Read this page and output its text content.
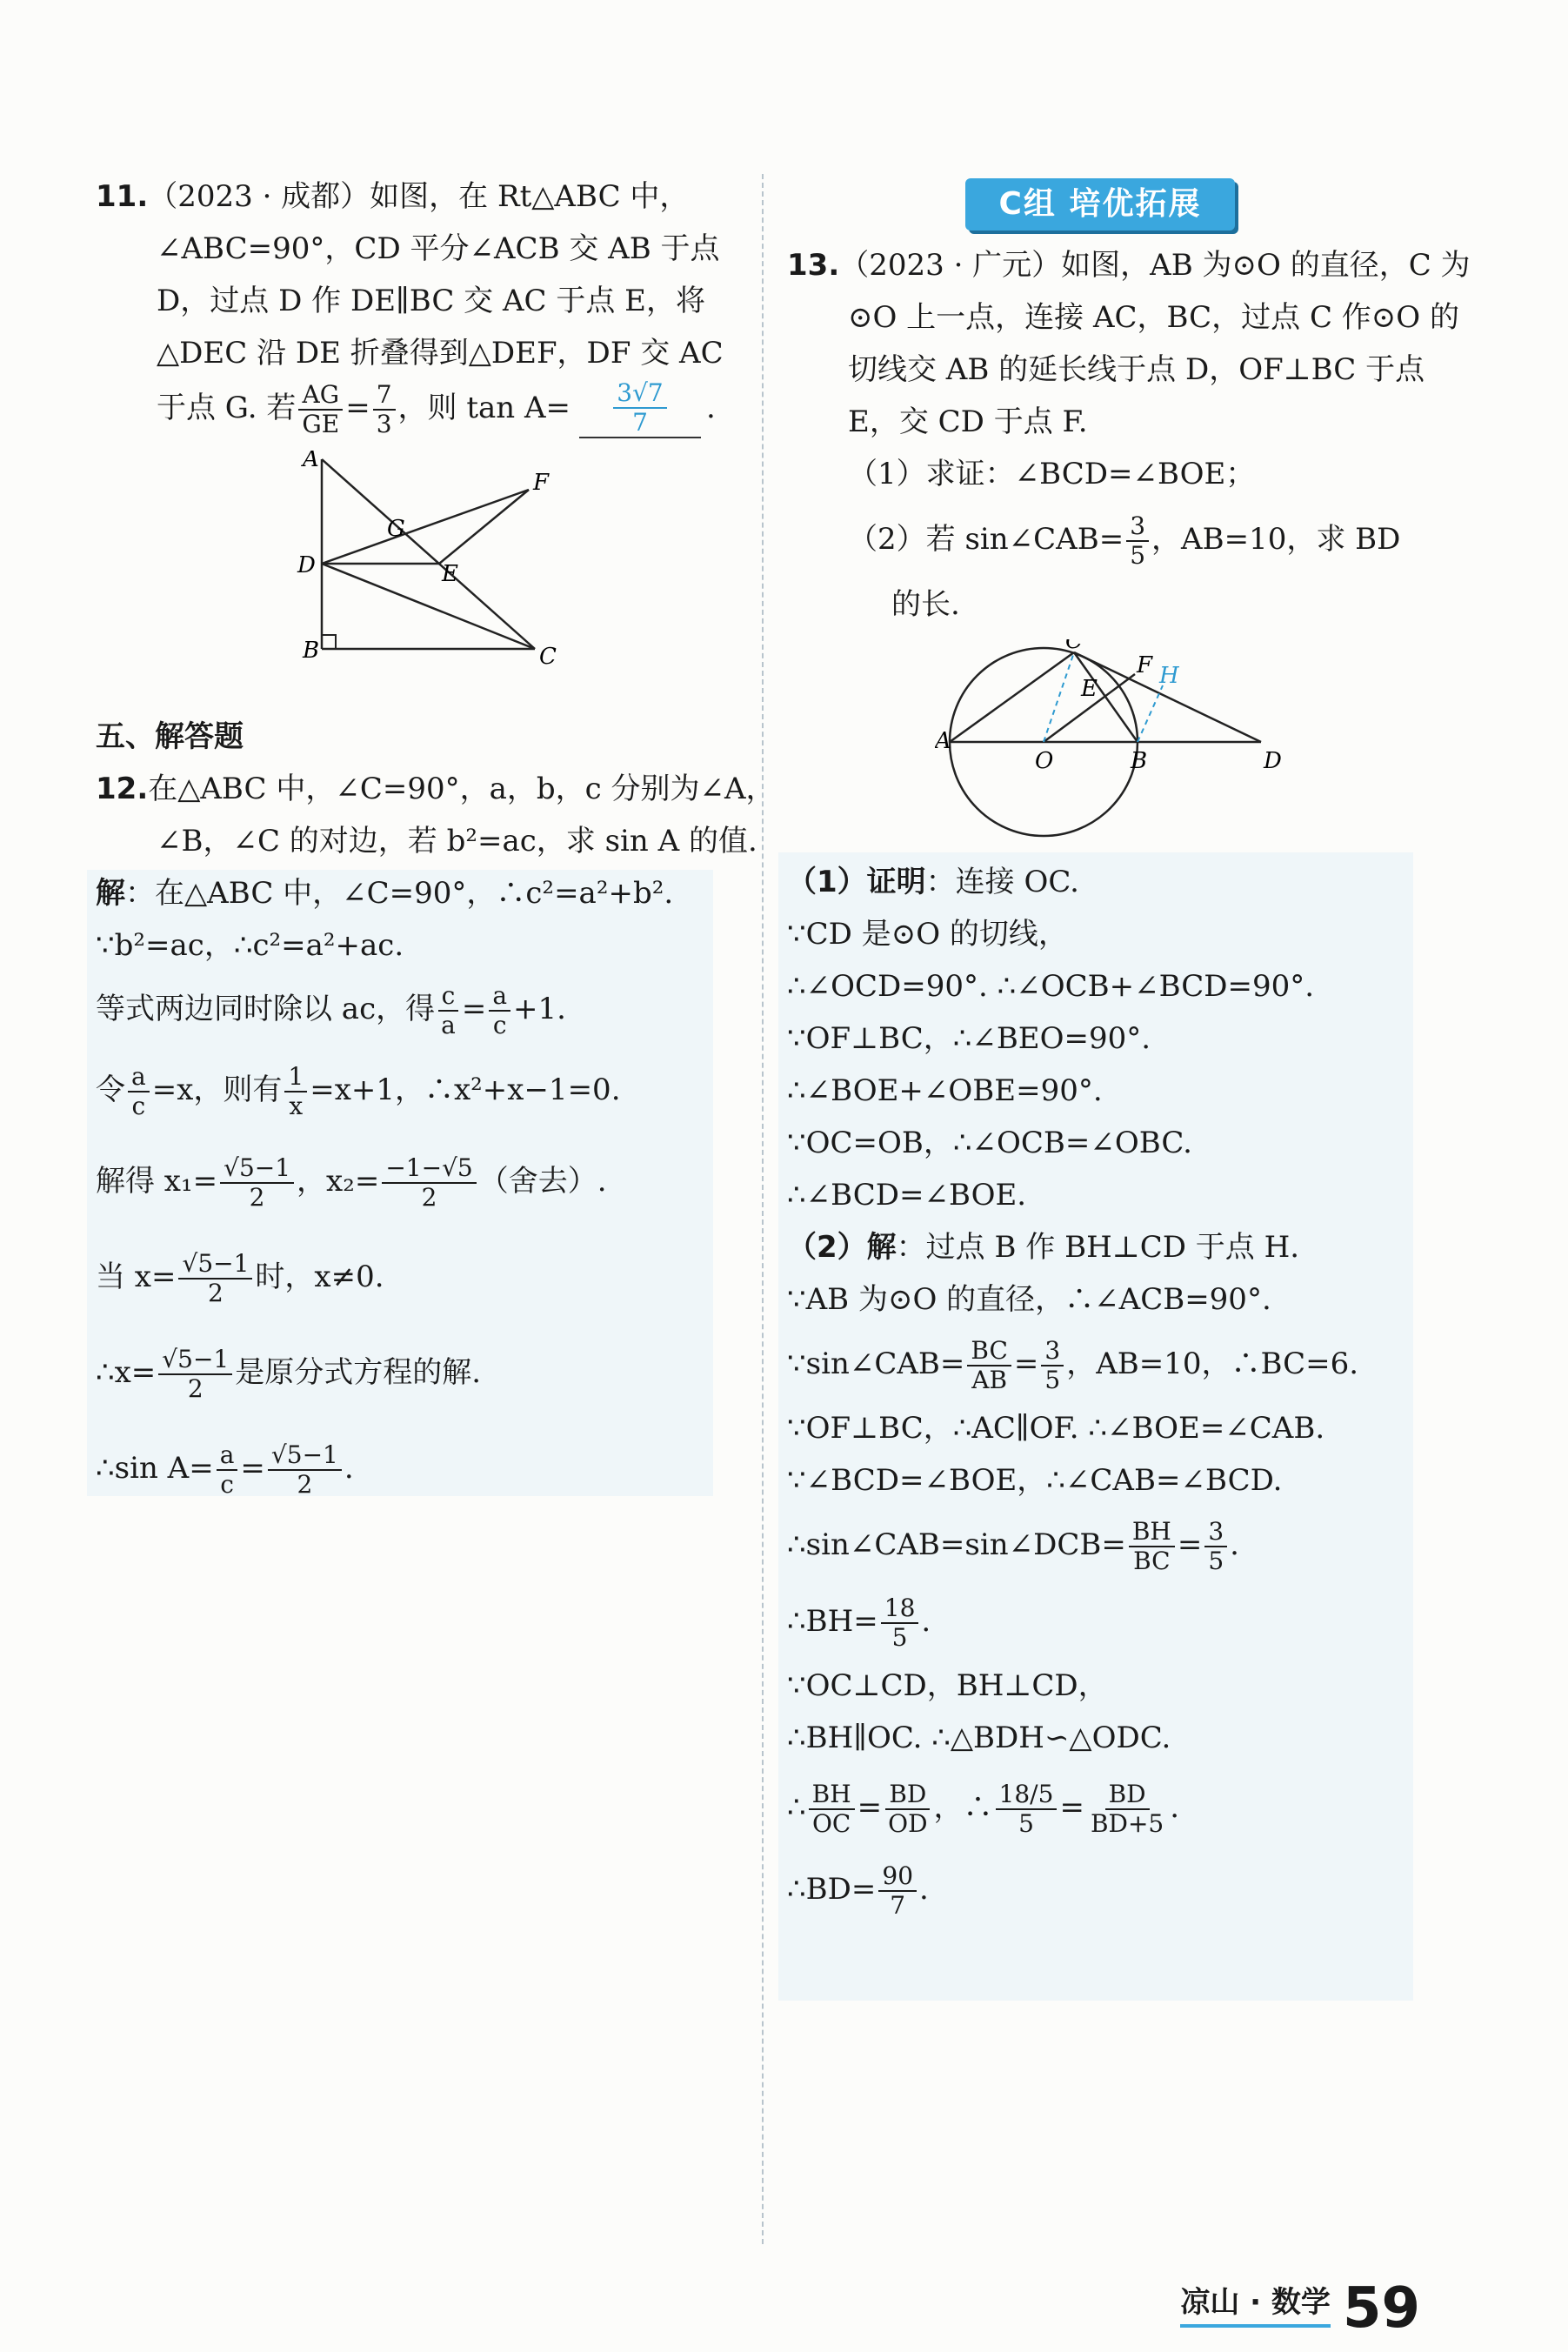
11.（2023 · 成都）如图，在 Rt△ABC 中，
∠ABC=90°，CD 平分∠ACB 交 AB 于点
D，过点 D 作 DE∥BC 交 AC 于点 E，将
△DEC 沿 DE 折叠得到△DEF，DF 交 AC
于点 G. 若 $\frac{AG}{GE} = \frac{7}{3}$ ，则 $\tan A= \frac{3√7}{7}$ .
A
B	C
D	E
F
G
五、解答题
12.在△ABC 中，∠C=90°，a，b，c 分别为∠A，
∠B，∠C 的对边，若 b²=ac，求 sin A 的值.
解：在△ABC 中，∠C=90°，∴c²=a²+b².
∵b²=ac，∴c²=a²+ac.
等式两边同时除以 ac，得 $\frac{c}{a} = \frac{a}{c} +1$.
令 $\frac{a}{c} =x$，则有 $\frac{1}{x} =x+1$，∴x²+x−1=0.
解得 $x_1= \frac{√5-1}{2}$ ，$x_2= \frac{-1-√5}{2}$ （舍去）.
当 $x= \frac{√5-1}{2}$ 时，x≠0.
∴x= $\frac{√5-1}{2}$ 是原分式方程的解.
∴sin $A= \frac{a}{c} = \frac{√5-1}{2}$ .
C组 培优拓展
13.（2023 · 广元）如图，AB 为⊙O 的直径，C 为
⊙O 上一点，连接 AC，BC，过点 C 作⊙O 的
切线交 AB 的延长线于点 D，OF⊥BC 于点
E，交 CD 于点 F.
（1）求证：∠BCD=∠BOE；
（2）若 sin∠CAB= $\frac{3}{5}$ ，AB=10，求 BD
的长.
A
O	B	D
C
E
F H
（1）证明：连接 OC.
∵CD 是⊙O 的切线，
∴∠OCD=90°. ∴∠OCB+∠BCD=90°.
∵OF⊥BC，∴∠BEO=90°.
∴∠BOE+∠OBE=90°.
∵OC=OB，∴∠OCB=∠OBC.
∴∠BCD=∠BOE.
（2）解：过点 B 作 BH⊥CD 于点 H.
∵AB 为⊙O 的直径，∴∠ACB=90°.
∵sin∠CAB= $\frac{BC}{AB} = \frac{3}{5}$ ，AB=10，∴BC=6.
∵OF⊥BC，∴AC∥OF. ∴∠BOE=∠CAB.
∵∠BCD=∠BOE，∴∠CAB=∠BCD.
∴sin∠CAB=sin∠DCB= $\frac{BH}{BC} = \frac{3}{5}$ .
∴BH= $\frac{18}{5}$ .
∵OC⊥CD，BH⊥CD，
∴BH∥OC. ∴△BDH∽△ODC.
∴ $\frac{BH}{OC} = \frac{BD}{OD}$ ，∴ $\frac{18/5}{5} = \frac{BD}{BD+5}$ .
∴BD= $\frac{90}{7}$ .
凉山 · 数学 59
